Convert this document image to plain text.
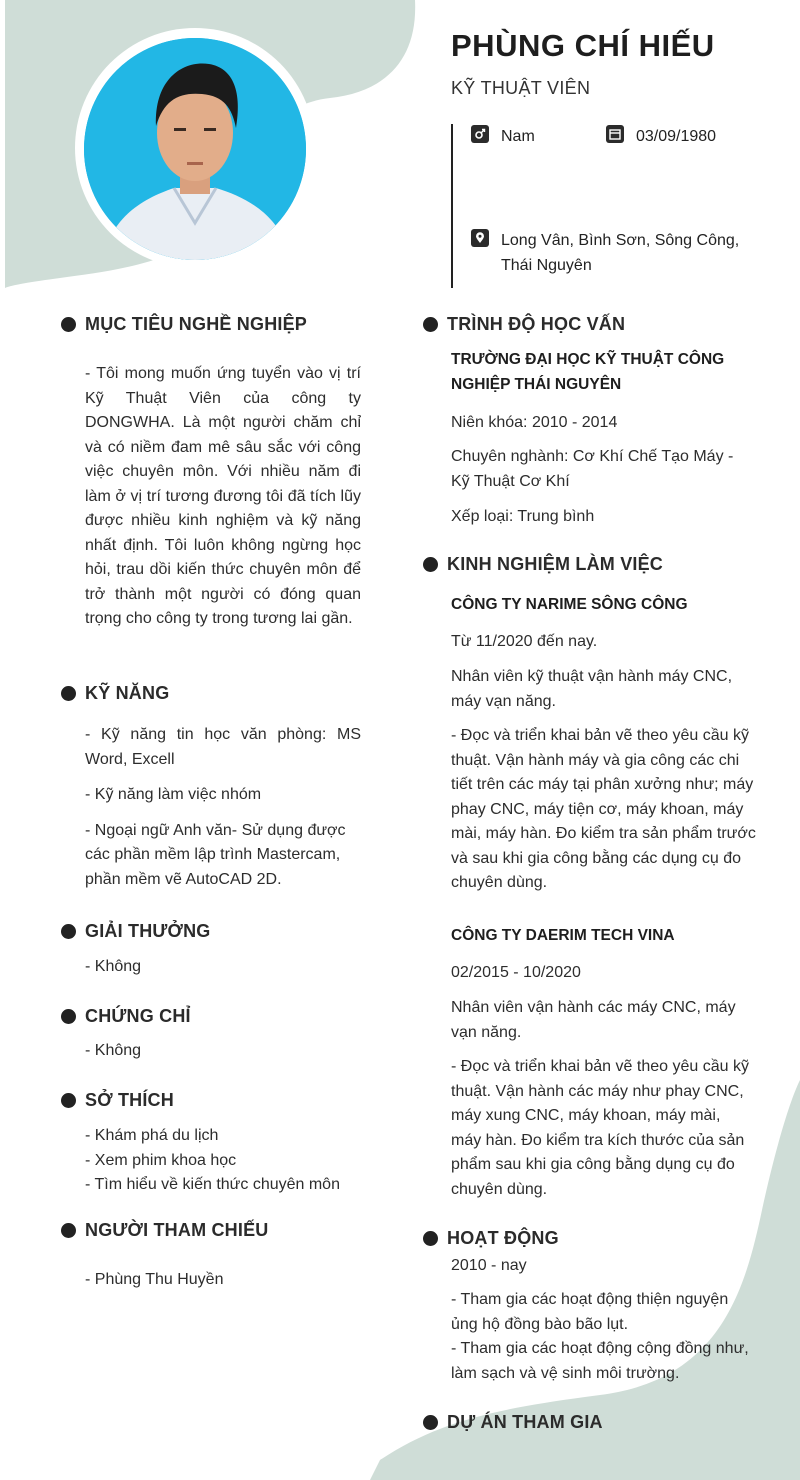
PHÙNG CHÍ HIẾU
KỸ THUẬT VIÊN
Nam	03/09/1980
Long Vân, Bình Sơn, Sông Công,
Thái Nguyên
MỤC TIÊU NGHỀ NGHIỆP
- Tôi mong muốn ứng tuyển vào vị trí Kỹ Thuật Viên của công ty DONGWHA. Là một người chăm chỉ và có niềm đam mê sâu sắc với công việc chuyên môn. Với nhiều năm đi làm ở vị trí tương đương tôi đã tích lũy được nhiều kinh nghiệm và kỹ năng nhất định. Tôi luôn không ngừng học hỏi, trau dồi kiến thức chuyên môn để trở thành một người có đóng quan trọng cho công ty trong tương lai gần.
KỸ NĂNG

- Kỹ năng tin học văn phòng: MS Word, Excell

- Kỹ năng làm việc nhóm

- Ngoại ngữ Anh văn- Sử dụng được các phần mềm lập trình Mastercam, phần mềm vẽ AutoCAD 2D.

GIẢI THƯỞNG
- Không
CHỨNG CHỈ
- Không
SỞ THÍCH

- Khám phá du lịch

- Xem phim khoa học

- Tìm hiểu về kiến thức chuyên môn

NGƯỜI THAM CHIẾU
- Phùng Thu Huyền
TRÌNH ĐỘ HỌC VẤN

TRƯỜNG ĐẠI HỌC KỸ THUẬT CÔNG

NGHIỆP THÁI NGUYÊN

Niên khóa: 2010 - 2014
Chuyên nghành: Cơ Khí Chế Tạo Máy - Kỹ Thuật Cơ Khí
Xếp loại: Trung bình
KINH NGHIỆM LÀM VIỆC
CÔNG TY NARIME SÔNG CÔNG
Từ 11/2020 đến nay.
Nhân viên kỹ thuật vận hành máy CNC, máy vạn năng.
- Đọc và triển khai bản vẽ theo yêu cầu kỹ thuật. Vận hành máy và gia công các chi tiết trên các máy tại phân xưởng như; máy phay CNC, máy tiện cơ, máy khoan, máy mài, máy hàn. Đo kiểm tra sản phẩm trước và sau khi gia công bằng các dụng cụ đo chuyên dùng.
CÔNG TY DAERIM TECH VINA
02/2015 - 10/2020
Nhân viên vận hành các máy CNC, máy vạn năng.
- Đọc và triển khai bản vẽ theo yêu cầu kỹ thuật. Vận hành các máy như phay CNC, máy xung CNC, máy khoan, máy mài, máy hàn. Đo kiểm tra kích thước của sản phẩm sau khi gia công bằng dụng cụ đo chuyên dùng.
HOẠT ĐỘNG
2010 - nay

- Tham gia các hoạt động thiện nguyện ủng hộ đồng bào bão lụt.

- Tham gia các hoạt động cộng đồng như, làm sạch và vệ sinh môi trường.

DỰ ÁN THAM GIA
